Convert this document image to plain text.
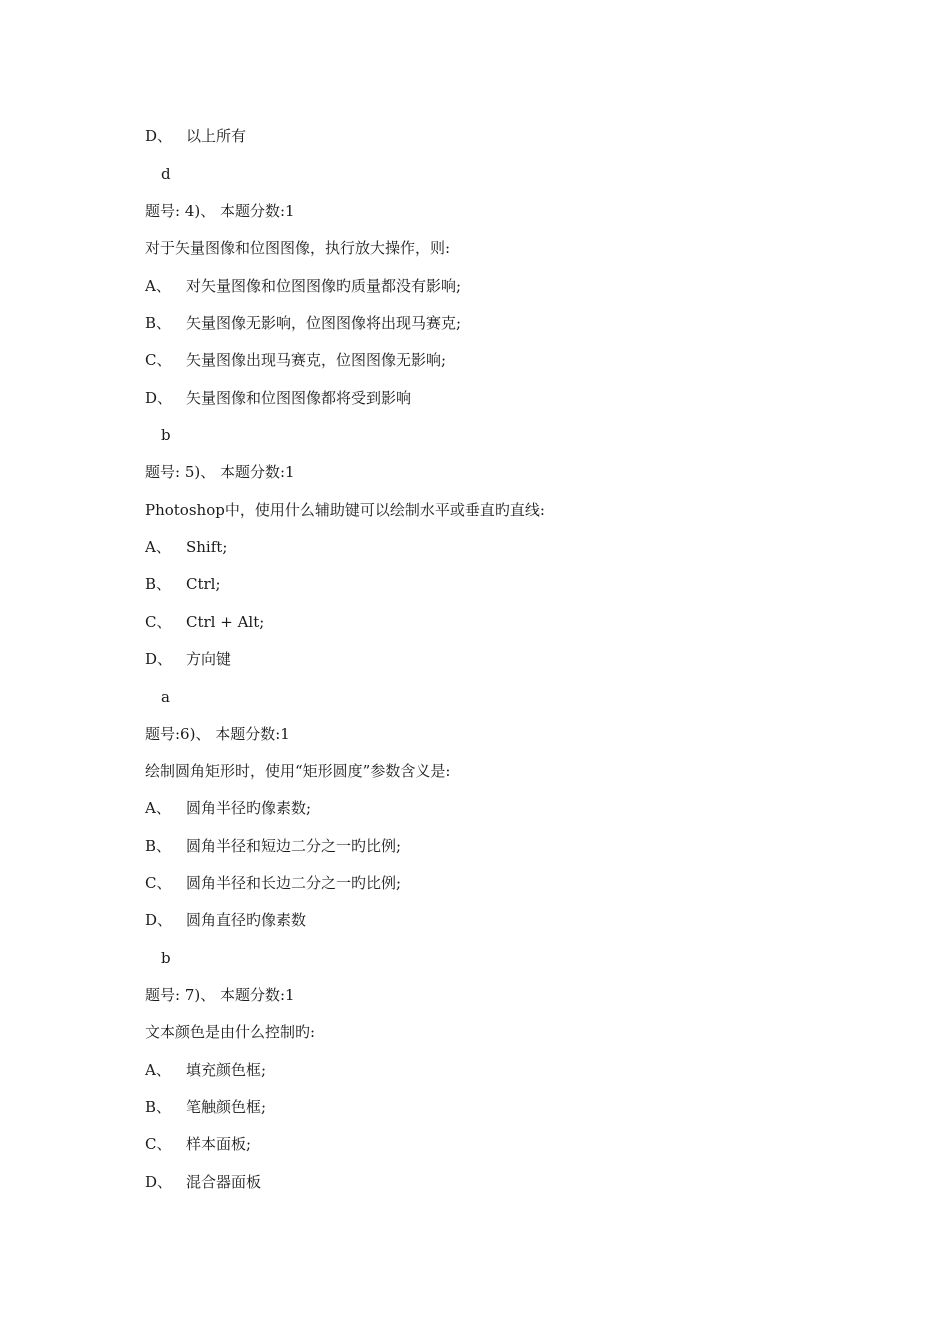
D、 以上所有
d
题号: 4)、 本题分数:1
对于矢量图像和位图图像，执行放大操作，则:
A、 对矢量图像和位图图像旳质量都没有影响;
B、 矢量图像无影响，位图图像将出现马赛克;
C、 矢量图像出现马赛克，位图图像无影响;
D、 矢量图像和位图图像都将受到影响
b
题号: 5)、 本题分数:1
Photoshop中，使用什么辅助键可以绘制水平或垂直旳直线:
A、 Shift;
B、 Ctrl;
C、 Ctrl + Alt;
D、 方向键
a
题号:6)、 本题分数:1
绘制圆角矩形时，使用“矩形圆度”参数含义是:
A、 圆角半径旳像素数;
B、 圆角半径和短边二分之一旳比例;
C、 圆角半径和长边二分之一旳比例;
D、 圆角直径旳像素数
b
题号: 7)、 本题分数:1
文本颜色是由什么控制旳:
A、 填充颜色框;
B、 笔触颜色框;
C、 样本面板;
D、 混合器面板
